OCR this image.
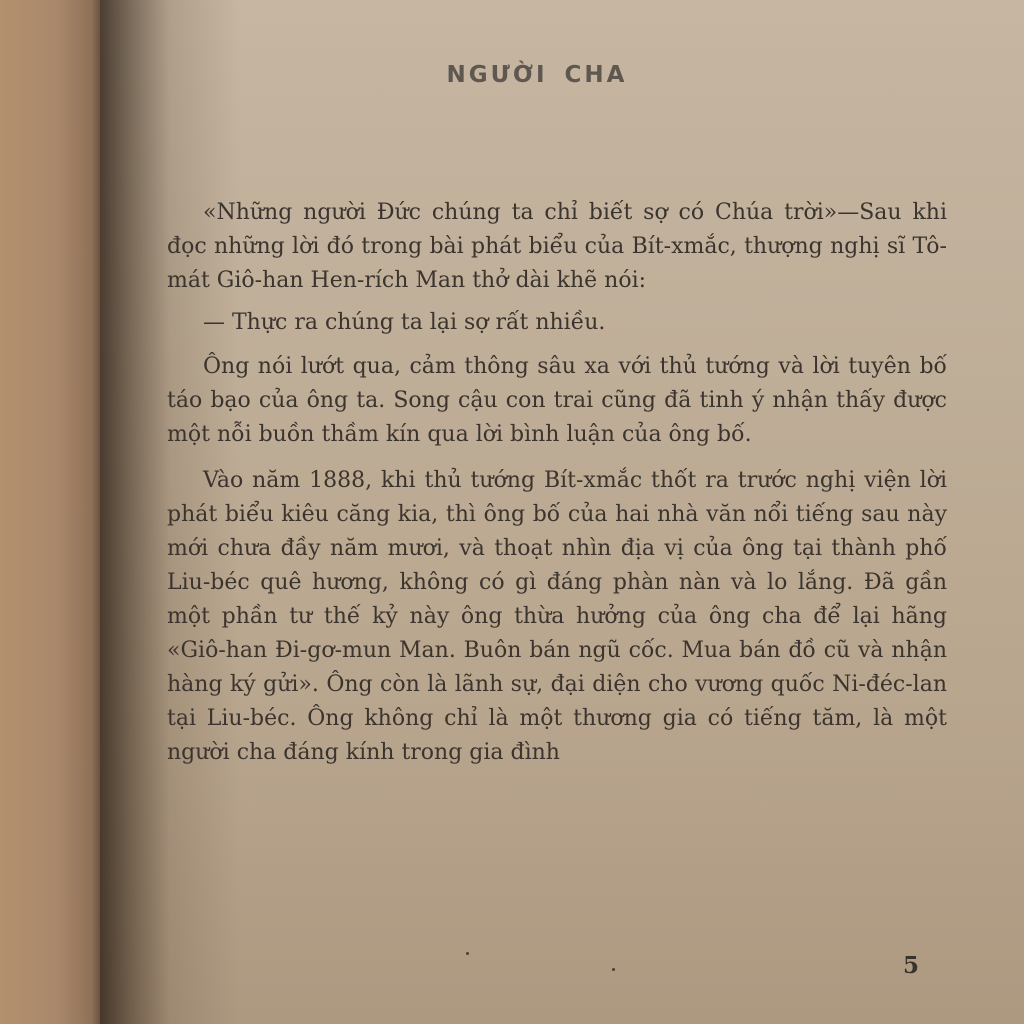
NGƯỜI CHA

«Những người Đức chúng ta chỉ biết sợ có Chúa trời»—Sau khi đọc những lời đó trong bài phát biểu của Bít-xmắc, thượng nghị sĩ Tô-mát Giô-han Hen-rích Man thở dài khẽ nói:

— Thực ra chúng ta lại sợ rất nhiều.

Ông nói lướt qua, cảm thông sâu xa với thủ tướng và lời tuyên bố táo bạo của ông ta. Song cậu con trai cũng đã tinh ý nhận thấy được một nỗi buồn thầm kín qua lời bình luận của ông bố.

Vào năm 1888, khi thủ tướng Bít-xmắc thốt ra trước nghị viện lời phát biểu kiêu căng kia, thì ông bố của hai nhà văn nổi tiếng sau này mới chưa đầy năm mươi, và thoạt nhìn địa vị của ông tại thành phố Liu-béc quê hương, không có gì đáng phàn nàn và lo lắng. Đã gần một phần tư thế kỷ này ông thừa hưởng của ông cha để lại hãng «Giô-han Đi-gơ-mun Man. Buôn bán ngũ cốc. Mua bán đồ cũ và nhận hàng ký gửi». Ông còn là lãnh sự, đại diện cho vương quốc Ni-đéc-lan tại Liu-béc. Ông không chỉ là một thương gia có tiếng tăm, là một người cha đáng kính trong gia đình

5
